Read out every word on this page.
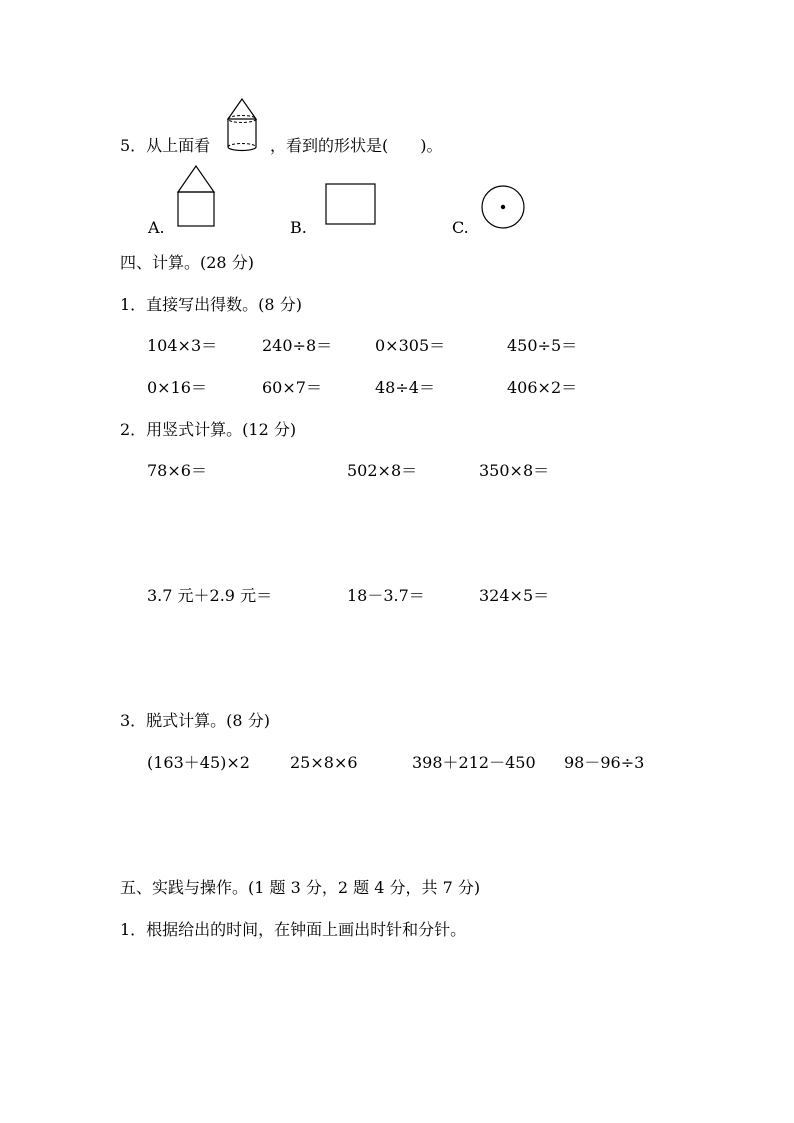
5．从上面看	，看到的形状是(　　)。
A.	B.	C.
四、计算。(28 分)
1．直接写出得数。(8 分)
104×3＝	240÷8＝	0×305＝	450÷5＝
0×16＝	60×7＝	48÷4＝	406×2＝
2．用竖式计算。(12 分)
78×6＝	502×8＝	350×8＝
3.7 元＋2.9 元＝	18－3.7＝	324×5＝
3．脱式计算。(8 分)
(163＋45)×2	25×8×6	398＋212－450 98－96÷3
五、实践与操作。(1 题 3 分，2 题 4 分，共 7 分)
1．根据给出的时间，在钟面上画出时针和分针。
